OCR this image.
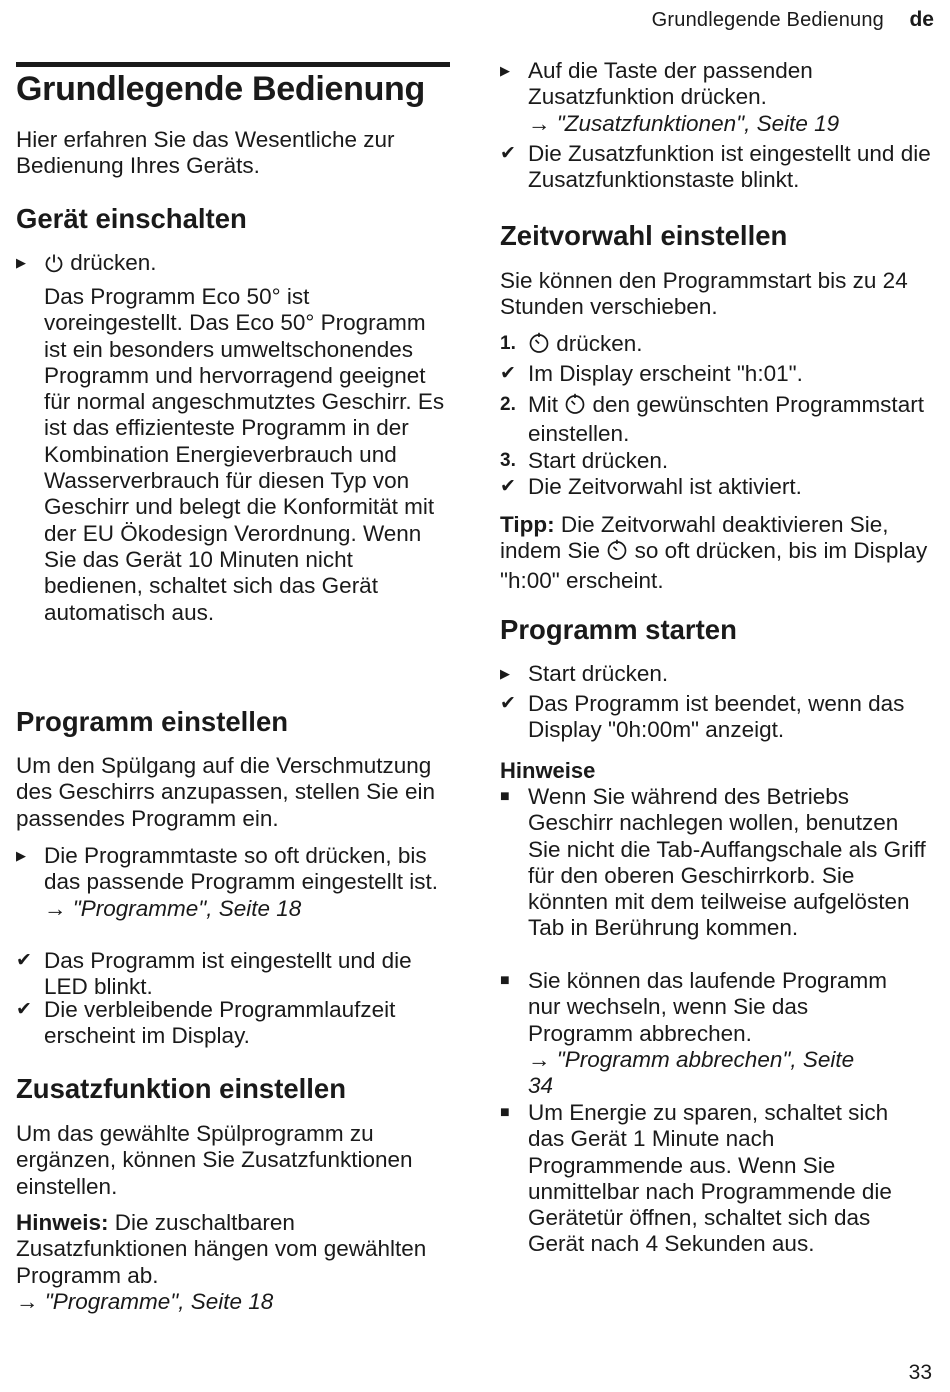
Grundlegende Bedienung de
Grundlegende Bedienung

Hier erfahren Sie das Wesentliche zur Bedienung Ihres Geräts.

Gerät einschalten
▶	drücken.

Das Programm Eco 50° ist voreingestellt. Das Eco 50° Programm ist ein besonders umweltschonendes Programm und hervorragend geeignet für normal angeschmutztes Geschirr. Es ist das effizienteste Programm in der Kombination Energieverbrauch und Wasserverbrauch für diesen Typ von Geschirr und belegt die Konformität mit der EU Ökodesign Verordnung. Wenn Sie das Gerät 10 Minuten nicht bedienen, schaltet sich das Gerät automatisch aus.

Programm einstellen

Um den Spülgang auf die Verschmutzung des Geschirrs anzupassen, stellen Sie ein passendes Programm ein.

▶ Die Programmtaste so oft drücken, bis das passende Programm eingestellt ist.
→ "Programme", Seite 18
✔ Das Programm ist eingestellt und die LED blinkt.
✔ Die verbleibende Programmlaufzeit erscheint im Display.
Zusatzfunktion einstellen

Um das gewählte Spülprogramm zu ergänzen, können Sie Zusatzfunktionen einstellen.

Hinweis: Die zuschaltbaren Zusatzfunktionen hängen vom gewählten Programm ab.
→ "Programme", Seite 18
▶ Auf die Taste der passenden Zusatzfunktion drücken.
→ "Zusatzfunktionen", Seite 19
✔ Die Zusatzfunktion ist eingestellt und die Zusatzfunktionstaste blinkt.
Zeitvorwahl einstellen

Sie können den Programmstart bis zu 24 Stunden verschieben.

1.	drücken.
✔ Im Display erscheint "h:01".
2. Mit den gewünschten Programmstart einstellen.
3. Start drücken.
✔ Die Zeitvorwahl ist aktiviert.
Tipp: Die Zeitvorwahl deaktivieren Sie, indem Sie so oft drücken, bis im Display "h:00" erscheint.
Programm starten
▶ Start drücken.
✔ Das Programm ist beendet, wenn das Display "0h:00m" anzeigt.
Hinweise
■ Wenn Sie während des Betriebs Geschirr nachlegen wollen, benutzen Sie nicht die Tab-Auffangschale als Griff für den oberen Geschirrkorb. Sie könnten mit dem teilweise aufgelösten Tab in Berührung kommen.
■ Sie können das laufende Programm nur wechseln, wenn Sie das Programm abbrechen.
→ "Programm abbrechen", Seite 34
■ Um Energie zu sparen, schaltet sich das Gerät 1 Minute nach Programmende aus. Wenn Sie unmittelbar nach Programmende die Gerätetür öffnen, schaltet sich das Gerät nach 4 Sekunden aus.
33
